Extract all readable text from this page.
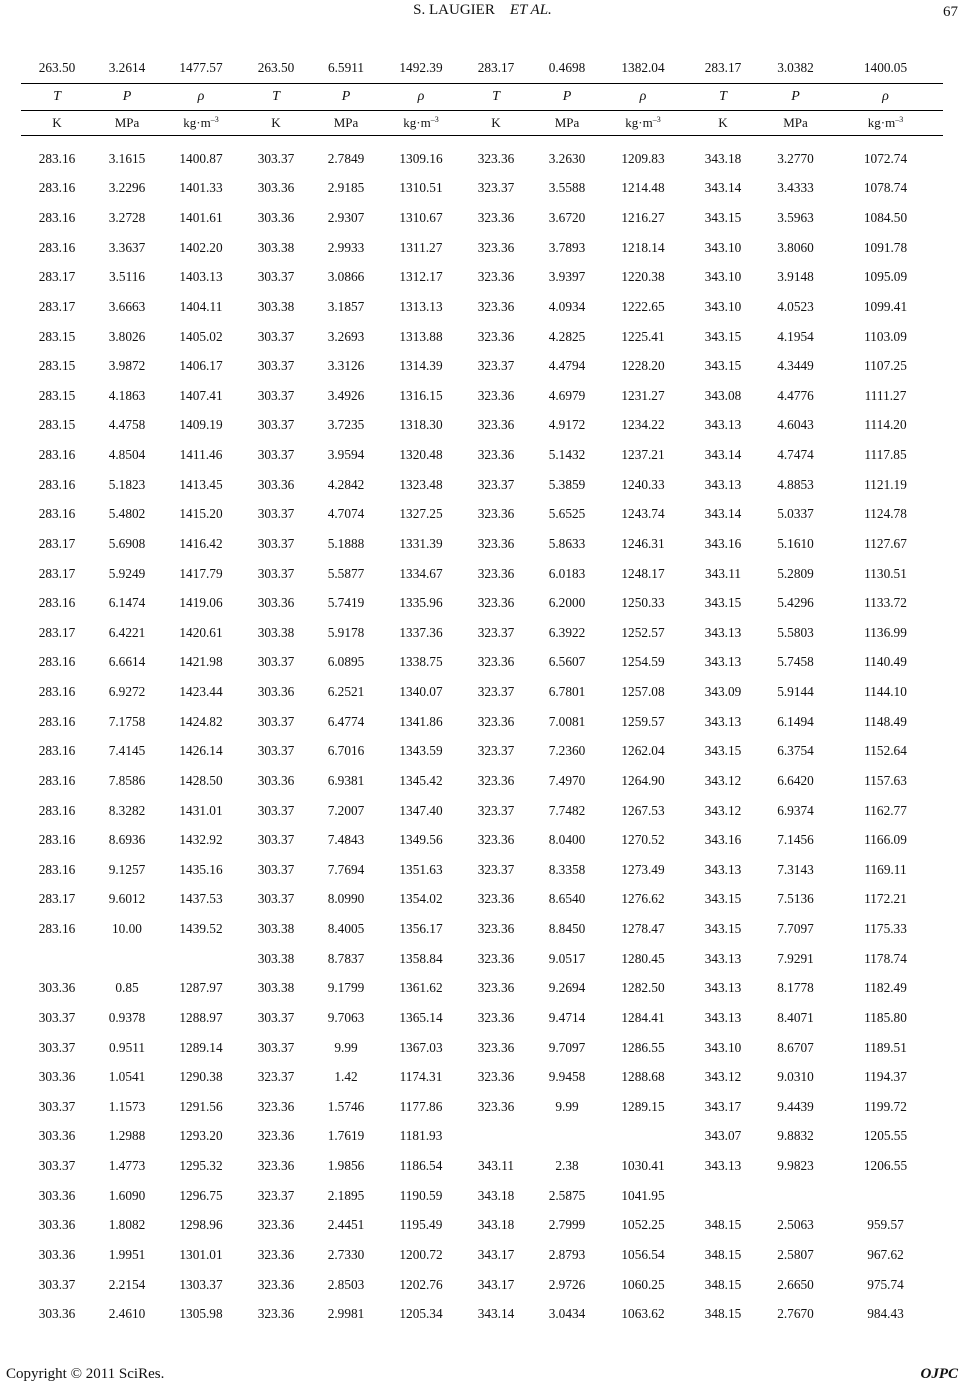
S. LAUGIER ET AL.	67
263.50	3.2614	1477.57	263.50	6.5911	1492.39	283.17	0.4698	1382.04	283.17	3.0382	1400.05
T	P	ρ	T	P	ρ	T	P	ρ	T	P	ρ
K	MPa	$kg\cdot m^{-3}$	K	MPa	$kg\cdot m^{-3}$	K	MPa	$kg\cdot m^{-3}$	K	MPa	$kg\cdot m^{-3}$

283.16	3.1615	1400.87	303.37	2.7849	1309.16	323.36	3.2630	1209.83	343.18	3.2770	1072.74
283.16	3.2296	1401.33	303.36	2.9185	1310.51	323.37	3.5588	1214.48	343.14	3.4333	1078.74
283.16	3.2728	1401.61	303.36	2.9307	1310.67	323.36	3.6720	1216.27	343.15	3.5963	1084.50
283.16	3.3637	1402.20	303.38	2.9933	1311.27	323.36	3.7893	1218.14	343.10	3.8060	1091.78
283.17	3.5116	1403.13	303.37	3.0866	1312.17	323.36	3.9397	1220.38	343.10	3.9148	1095.09
283.17	3.6663	1404.11	303.38	3.1857	1313.13	323.36	4.0934	1222.65	343.10	4.0523	1099.41
283.15	3.8026	1405.02	303.37	3.2693	1313.88	323.36	4.2825	1225.41	343.15	4.1954	1103.09
283.15	3.9872	1406.17	303.37	3.3126	1314.39	323.37	4.4794	1228.20	343.15	4.3449	1107.25
283.15	4.1863	1407.41	303.37	3.4926	1316.15	323.36	4.6979	1231.27	343.08	4.4776	1111.27
283.15	4.4758	1409.19	303.37	3.7235	1318.30	323.36	4.9172	1234.22	343.13	4.6043	1114.20
283.16	4.8504	1411.46	303.37	3.9594	1320.48	323.36	5.1432	1237.21	343.14	4.7474	1117.85
283.16	5.1823	1413.45	303.36	4.2842	1323.48	323.37	5.3859	1240.33	343.13	4.8853	1121.19
283.16	5.4802	1415.20	303.37	4.7074	1327.25	323.36	5.6525	1243.74	343.14	5.0337	1124.78
283.17	5.6908	1416.42	303.37	5.1888	1331.39	323.36	5.8633	1246.31	343.16	5.1610	1127.67
283.17	5.9249	1417.79	303.37	5.5877	1334.67	323.36	6.0183	1248.17	343.11	5.2809	1130.51
283.16	6.1474	1419.06	303.36	5.7419	1335.96	323.36	6.2000	1250.33	343.15	5.4296	1133.72
283.17	6.4221	1420.61	303.38	5.9178	1337.36	323.37	6.3922	1252.57	343.13	5.5803	1136.99
283.16	6.6614	1421.98	303.37	6.0895	1338.75	323.36	6.5607	1254.59	343.13	5.7458	1140.49
283.16	6.9272	1423.44	303.36	6.2521	1340.07	323.37	6.7801	1257.08	343.09	5.9144	1144.10
283.16	7.1758	1424.82	303.37	6.4774	1341.86	323.36	7.0081	1259.57	343.13	6.1494	1148.49
283.16	7.4145	1426.14	303.37	6.7016	1343.59	323.37	7.2360	1262.04	343.15	6.3754	1152.64
283.16	7.8586	1428.50	303.36	6.9381	1345.42	323.36	7.4970	1264.90	343.12	6.6420	1157.63
283.16	8.3282	1431.01	303.37	7.2007	1347.40	323.37	7.7482	1267.53	343.12	6.9374	1162.77
283.16	8.6936	1432.92	303.37	7.4843	1349.56	323.36	8.0400	1270.52	343.16	7.1456	1166.09
283.16	9.1257	1435.16	303.37	7.7694	1351.63	323.37	8.3358	1273.49	343.13	7.3143	1169.11
283.17	9.6012	1437.53	303.37	8.0990	1354.02	323.36	8.6540	1276.62	343.15	7.5136	1172.21
283.16	10.00	1439.52	303.38	8.4005	1356.17	323.36	8.8450	1278.47	343.15	7.7097	1175.33
			303.38	8.7837	1358.84	323.36	9.0517	1280.45	343.13	7.9291	1178.74
303.36	0.85	1287.97	303.38	9.1799	1361.62	323.36	9.2694	1282.50	343.13	8.1778	1182.49
303.37	0.9378	1288.97	303.37	9.7063	1365.14	323.36	9.4714	1284.41	343.13	8.4071	1185.80
303.37	0.9511	1289.14	303.37	9.99	1367.03	323.36	9.7097	1286.55	343.10	8.6707	1189.51
303.36	1.0541	1290.38	323.37	1.42	1174.31	323.36	9.9458	1288.68	343.12	9.0310	1194.37
303.37	1.1573	1291.56	323.36	1.5746	1177.86	323.36	9.99	1289.15	343.17	9.4439	1199.72
303.36	1.2988	1293.20	323.36	1.7619	1181.93				343.07	9.8832	1205.55
303.37	1.4773	1295.32	323.36	1.9856	1186.54	343.11	2.38	1030.41	343.13	9.9823	1206.55
303.36	1.6090	1296.75	323.37	2.1895	1190.59	343.18	2.5875	1041.95			
303.36	1.8082	1298.96	323.36	2.4451	1195.49	343.18	2.7999	1052.25	348.15	2.5063	959.57
303.36	1.9951	1301.01	323.36	2.7330	1200.72	343.17	2.8793	1056.54	348.15	2.5807	967.62
303.37	2.2154	1303.37	323.36	2.8503	1202.76	343.17	2.9726	1060.25	348.15	2.6650	975.74
303.36	2.4610	1305.98	323.36	2.9981	1205.34	343.14	3.0434	1063.62	348.15	2.7670	984.43
Copyright © 2011 SciRes.	OJPC
